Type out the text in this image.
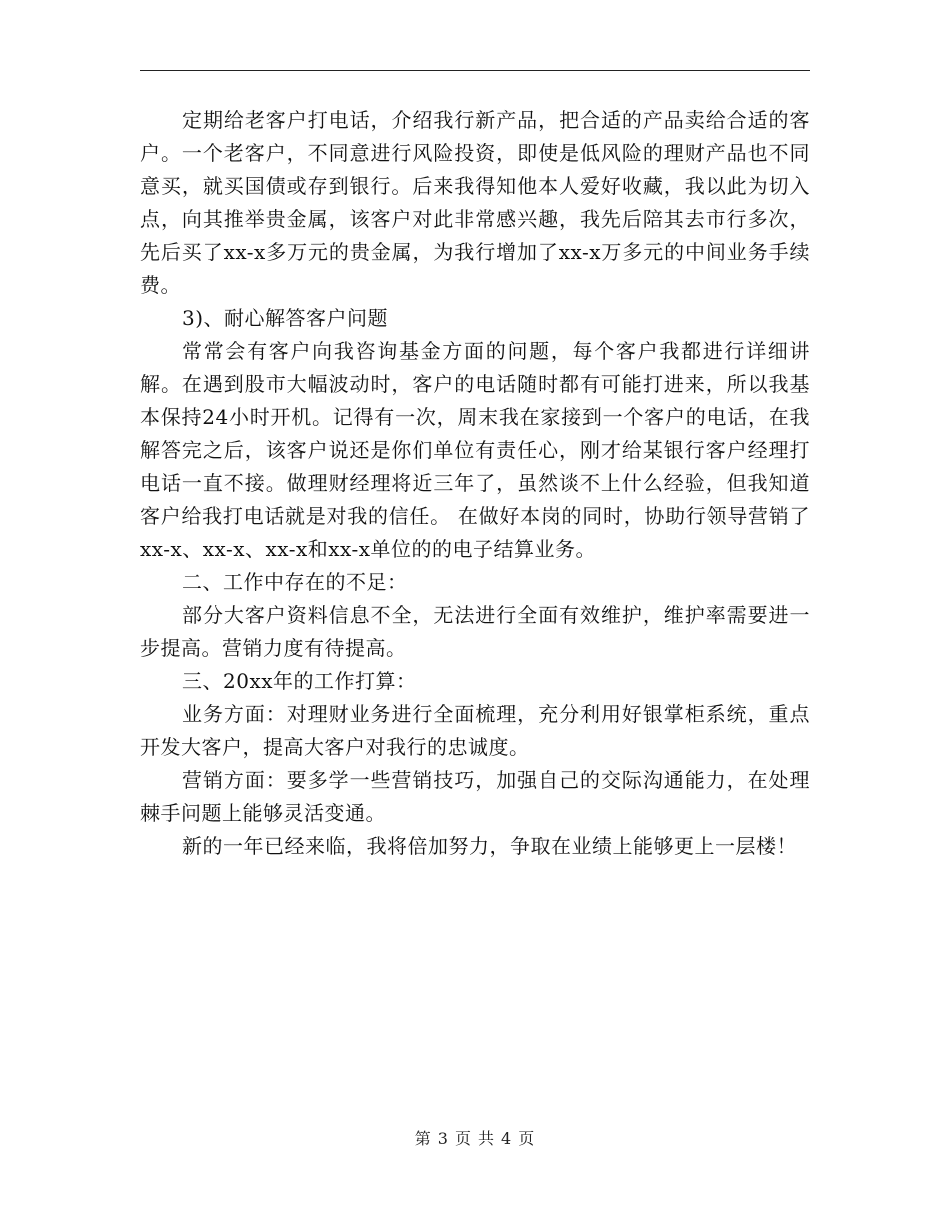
定期给老客户打电话，介绍我行新产品，把合适的产品卖给合适的客户。一个老客户，不同意进行风险投资，即使是低风险的理财产品也不同意买，就买国债或存到银行。后来我得知他本人爱好收藏，我以此为切入点，向其推举贵金属，该客户对此非常感兴趣，我先后陪其去市行多次，先后买了xx-x多万元的贵金属，为我行增加了xx-x万多元的中间业务手续费。

3)、耐心解答客户问题

常常会有客户向我咨询基金方面的问题，每个客户我都进行详细讲解。在遇到股市大幅波动时，客户的电话随时都有可能打进来，所以我基本保持24小时开机。记得有一次，周末我在家接到一个客户的电话，在我解答完之后，该客户说还是你们单位有责任心，刚才给某银行客户经理打电话一直不接。做理财经理将近三年了，虽然谈不上什么经验，但我知道客户给我打电话就是对我的信任。 在做好本岗的同时，协助行领导营销了xx-x、xx-x、xx-x和xx-x单位的的电子结算业务。

二、工作中存在的不足：

部分大客户资料信息不全，无法进行全面有效维护，维护率需要进一步提高。营销力度有待提高。

三、20xx年的工作打算：

业务方面：对理财业务进行全面梳理，充分利用好银掌柜系统，重点开发大客户，提高大客户对我行的忠诚度。

营销方面：要多学一些营销技巧，加强自己的交际沟通能力，在处理棘手问题上能够灵活变通。

新的一年已经来临，我将倍加努力，争取在业绩上能够更上一层楼！

第 3 页 共 4 页
